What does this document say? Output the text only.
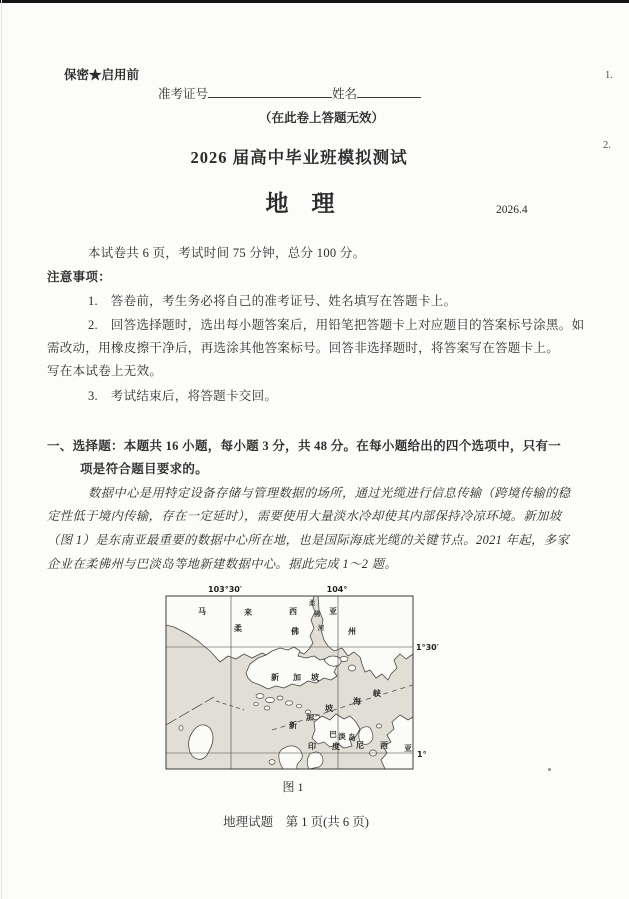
保密★启用前
准考证号	姓名
（在此卷上答题无效）
2026 届高中毕业班模拟测试
地　理	2026.4
本试卷共 6 页，考试时间 75 分钟，总分 100 分。
注意事项：
1.　答卷前，考生务必将自己的准考证号、姓名填写在答题卡上。
2.　回答选择题时，选出每小题答案后，用铅笔把答题卡上对应题目的答案标号涂黑。如
需改动，用橡皮擦干净后，再选涂其他答案标号。回答非选择题时，将答案写在答题卡上。
写在本试卷上无效。
3.　考试结束后，将答题卡交回。
一、选择题：本题共 16 小题，每小题 3 分，共 48 分。在每小题给出的四个选项中，只有一
项是符合题目要求的。
数据中心是用特定设备存储与管理数据的场所，通过光缆进行信息传输（跨境传输的稳
定性低于境内传输，存在一定延时），需要使用大量淡水冷却使其内部保持冷凉环境。新加坡
（图 1）是东南亚最重要的数据中心所在地，也是国际海底光缆的关键节点。2021 年起，多家
企业在柔佛州与巴淡岛等地新建数据中心。据此完成 1～2 题。
103°30′	104°
1°30′
1°
马	来	西	亚
柔	佛	州
柔
佛
河
新 加 坡
新
加
坡
海
峡
巴 淡 岛
印 度 尼 西 亚
图 1
地理试题　第 1 页(共 6 页)
1.
2.
